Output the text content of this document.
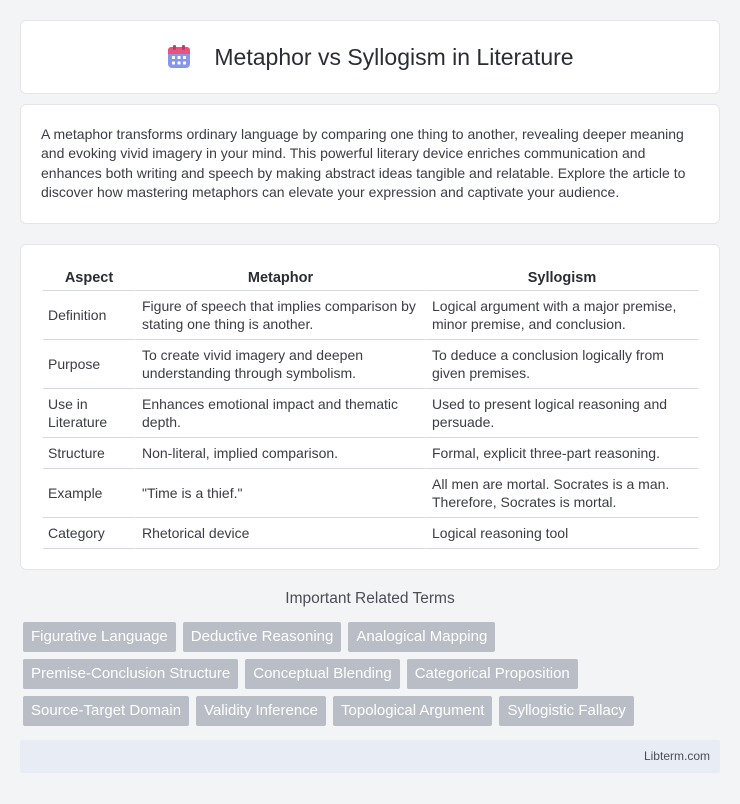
Metaphor vs Syllogism in Literature

A metaphor transforms ordinary language by comparing one thing to another, revealing deeper meaning and evoking vivid imagery in your mind. This powerful literary device enriches communication and enhances both writing and speech by making abstract ideas tangible and relatable. Explore the article to discover how mastering metaphors can elevate your expression and captivate your audience.

Aspect	Metaphor	Syllogism
Definition	Figure of speech that implies comparison by stating one thing is another.	Logical argument with a major premise, minor premise, and conclusion.
Purpose	To create vivid imagery and deepen understanding through symbolism.	To deduce a conclusion logically from given premises.
Use in Literature	Enhances emotional impact and thematic depth.	Used to present logical reasoning and persuade.
Structure	Non-literal, implied comparison.	Formal, explicit three-part reasoning.
Example	"Time is a thief."	All men are mortal. Socrates is a man. Therefore, Socrates is mortal.
Category	Rhetorical device	Logical reasoning tool
Important Related Terms
Figurative Language	Deductive Reasoning	Analogical Mapping
Premise-Conclusion Structure	Conceptual Blending	Categorical Proposition
Source-Target Domain	Validity Inference	Topological Argument	Syllogistic Fallacy
Libterm.com
